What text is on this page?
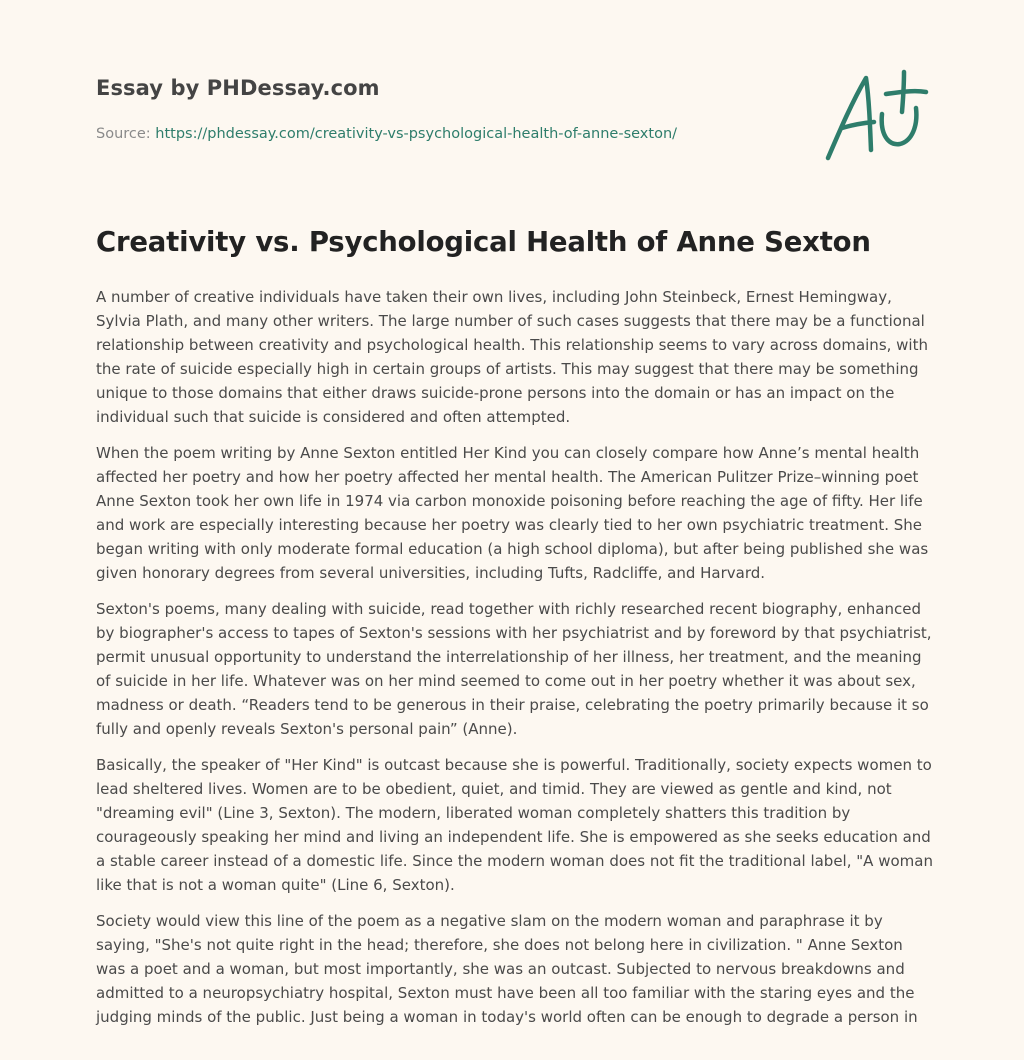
Essay by PHDessay.com
Source: https://phdessay.com/creativity-vs-psychological-health-of-anne-sexton/
Creativity vs. Psychological Health of Anne Sexton

A number of creative individuals have taken their own lives, including John Steinbeck, Ernest Hemingway, Sylvia Plath, and many other writers. The large number of such cases suggests that there may be a functional relationship between creativity and psychological health. This relationship seems to vary across domains, with the rate of suicide especially high in certain groups of artists. This may suggest that there may be something unique to those domains that either draws suicide-prone persons into the domain or has an impact on the individual such that suicide is considered and often attempted.

When the poem writing by Anne Sexton entitled Her Kind you can closely compare how Anne’s mental health affected her poetry and how her poetry affected her mental health. The American Pulitzer Prize–winning poet Anne Sexton took her own life in 1974 via carbon monoxide poisoning before reaching the age of fifty. Her life and work are especially interesting because her poetry was clearly tied to her own psychiatric treatment. She began writing with only moderate formal education (a high school diploma), but after being published she was given honorary degrees from several universities, including Tufts, Radcliffe, and Harvard.

Sexton's poems, many dealing with suicide, read together with richly researched recent biography, enhanced by biographer's access to tapes of Sexton's sessions with her psychiatrist and by foreword by that psychiatrist, permit unusual opportunity to understand the interrelationship of her illness, her treatment, and the meaning of suicide in her life. Whatever was on her mind seemed to come out in her poetry whether it was about sex, madness or death. “Readers tend to be generous in their praise, celebrating the poetry primarily because it so fully and openly reveals Sexton's personal pain” (Anne).

Basically, the speaker of "Her Kind" is outcast because she is powerful. Traditionally, society expects women to lead sheltered lives. Women are to be obedient, quiet, and timid. They are viewed as gentle and kind, not "dreaming evil" (Line 3, Sexton). The modern, liberated woman completely shatters this tradition by courageously speaking her mind and living an independent life. She is empowered as she seeks education and a stable career instead of a domestic life. Since the modern woman does not fit the traditional label, "A woman like that is not a woman quite" (Line 6, Sexton).

Society would view this line of the poem as a negative slam on the modern woman and paraphrase it by saying, "She's not quite right in the head; therefore, she does not belong here in civilization. " Anne Sexton was a poet and a woman, but most importantly, she was an outcast. Subjected to nervous breakdowns and admitted to a neuropsychiatry hospital, Sexton must have been all too familiar with the staring eyes and the judging minds of the public. Just being a woman in today's world often can be enough to degrade a person in
